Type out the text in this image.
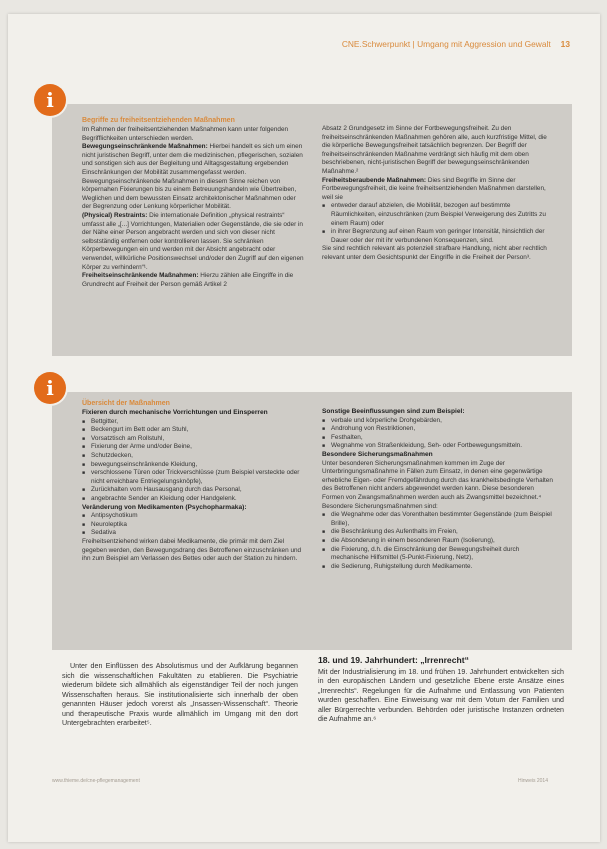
CNE.Schwerpunkt | Umgang mit Aggression und Gewalt 13
Begriffe zu freiheitsentziehenden Maßnahmen

Im Rahmen der freiheitsentziehenden Maßnahmen kann unter folgenden Begrifflichkeiten unterschieden werden.

Bewegungseinschränkende Maßnahmen: Hierbei handelt es sich um einen nicht juristischen Begriff, unter dem die medizinischen, pflegerischen, sozialen und sonstigen sich aus der Begleitung und Alltagsgestaltung ergebenden Einschränkungen der Mobilität zusammengefasst werden. Bewegungseinschränkende Maßnahmen in diesem Sinne reichen von körpernahen Fixierungen bis zu einem Betreuungshandeln wie Übertreiben, Weglichen und dem bewussten Einsatz architektonischer Maßnahmen oder der Begrenzung oder Lenkung körperlicher Mobilität.

(Physical) Restraints: Die internationale Definition „physical restraints“ umfasst alle „[...] Vorrichtungen, Materialien oder Gegenstände, die sie oder in der Nähe einer Person angebracht werden und sich von dieser nicht selbstständig entfernen oder kontrollieren lassen. Sie schränken Körperbewegungen ein und werden mit der Absicht angebracht oder verwendet, willkürliche Positionswechsel und/oder den Zugriff auf den eigenen Körper zu verhindern“¹.

Freiheitseinschränkende Maßnahmen: Hierzu zählen alle Eingriffe in die Grundrecht auf Freiheit der Person gemäß Artikel 2

Absatz 2 Grundgesetz im Sinne der Fortbewegungsfreiheit. Zu den freiheitseinschränkenden Maßnahmen gehören alle, auch kurzfristige Mittel, die die körperliche Bewegungsfreiheit tatsächlich begrenzen. Der Begriff der freiheitseinschränkenden Maßnahme verdrängt sich häufig mit dem oben beschriebenen, nicht-juristischen Begriff der bewegungseinschränkenden Maßnahme.²

Freiheitsberaubende Maßnahmen: Dies sind Begriffe im Sinne der Fortbewegungsfreiheit, die keine freiheitsentziehenden Maßnahmen darstellen, weil sie

■ entweder darauf abzielen, die Mobilität, bezogen auf bestimmte Räumlichkeiten, einzuschränken (zum Beispiel Verweigerung des Zutritts zu einem Raum) oder
■ in ihrer Begrenzung auf einen Raum von geringer Intensität, hinsichtlich der Dauer oder der mit ihr verbundenen Konsequenzen, sind.

Sie sind rechtlich relevant als potenziell strafbare Handlung, nicht aber rechtlich relevant unter dem Gesichtspunkt der Eingriffe in die Freiheit der Person³.

i
Übersicht der Maßnahmen
Fixieren durch mechanische Vorrichtungen und Einsperren
■ Bettgitter,
■ Beckengurt im Bett oder am Stuhl,
■ Vorsatztisch am Rollstuhl,
■ Fixierung der Arme und/oder Beine,
■ Schutzdecken,
■ bewegungseinschränkende Kleidung,
■ verschlossene Türen oder Trickverschlüsse (zum Beispiel versteckte oder nicht erreichbare Entriegelungsknöpfe),
■ Zurückhalten vom Hausausgang durch das Personal,
■ angebrachte Sender an Kleidung oder Handgelenk.
Veränderung von Medikamenten (Psychopharmaka):
■ Antipsychotikum
■ Neuroleptika
■ Sedativa

Freiheitsentziehend wirken dabei Medikamente, die primär mit dem Ziel gegeben werden, den Bewegungsdrang des Betroffenen einzuschränken und ihn zum Beispiel am Verlassen des Bettes oder auch der Station zu hindern.

Sonstige Beeinflussungen sind zum Beispiel:
■ verbale und körperliche Drohgebärden,
■ Androhung von Restriktionen,
■ Festhalten,
■ Wegnahme von Straßenkleidung, Seh- oder Fortbewegungsmitteln.
Besondere Sicherungsmaßnahmen

Unter besonderen Sicherungsmaßnahmen kommen im Zuge der Unterbringungsmaßnahme in Fällen zum Einsatz, in denen eine gegenwärtige erhebliche Eigen- oder Fremdgefährdung durch das krankheitsbedingte Verhalten des Betroffenen nicht anders abgewendet werden kann. Diese besonderen Formen von Zwangsmaßnahmen werden auch als Zwangsmittel bezeichnet.⁴ Besondere Sicherungsmaßnahmen sind:

■ die Wegnahme oder das Vorenthalten bestimmter Gegenstände (zum Beispiel Brille),
■ die Beschränkung des Aufenthalts im Freien,
■ die Absonderung in einem besonderen Raum (Isolierung),
■ die Fixierung, d.h. die Einschränkung der Bewegungsfreiheit durch mechanische Hilfsmittel (5-Punkt-Fixierung, Netz),
■ die Sedierung, Ruhigstellung durch Medikamente.
i
Unter den Einflüssen des Absolutismus und der Aufklärung begannen sich die wissenschaftlichen Fakultäten zu etablieren. Die Psychiatrie wiederum bildete sich allmählich als eigenständiger Teil der noch jungen Wissenschaften heraus. Sie institutionalisierte sich innerhalb der oben genannten Häuser jedoch vorerst als „Insassen-Wissenschaft“. Theorie und therapeutische Praxis wurde allmählich im Umgang mit den dort Untergebrachten erarbeitet⁵.
18. und 19. Jahrhundert: „Irrenrecht“
Mit der Industrialisierung im 18. und frühen 19. Jahrhundert entwickelten sich in den europäischen Ländern und gesetzliche Ebene erste Ansätze eines „Irrenrechts“. Regelungen für die Aufnahme und Entlassung von Patienten wurden geschaffen. Eine Einweisung war mit dem Votum der Familien und aller Bürgerrechte verbunden. Behörden oder juristische Instanzen ordneten die Aufnahme an.⁶
www.thieme.de/cne-pflegemanagement	Hinweis 2014
